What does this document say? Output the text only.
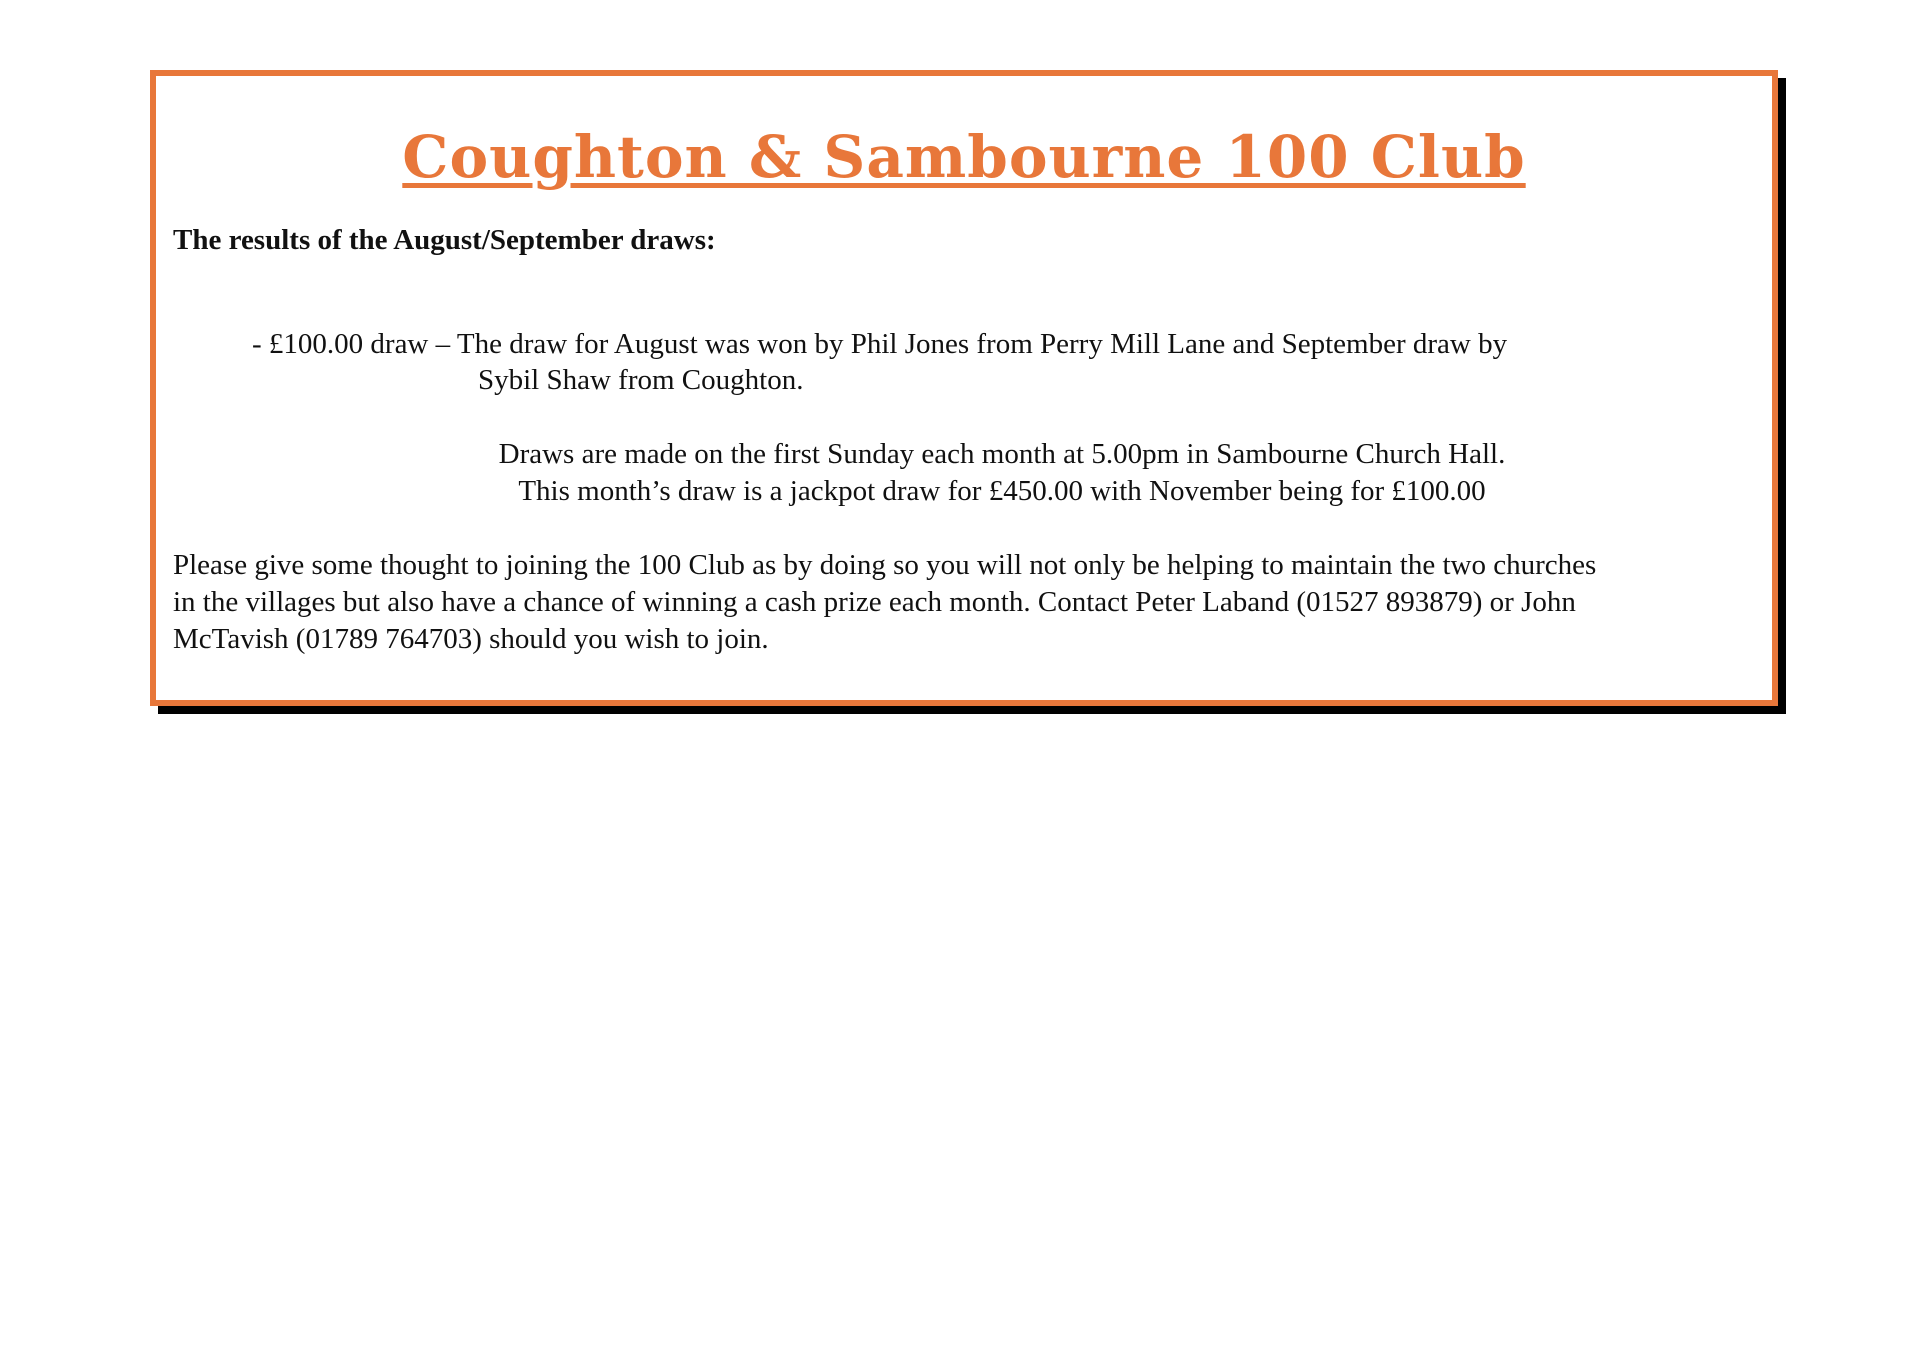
Coughton & Sambourne 100 Club

The results of the August/September draws:

- £100.00 draw – The draw for August was won by Phil Jones from Perry Mill Lane and September draw by

Sybil Shaw from Coughton.

Draws are made on the first Sunday each month at 5.00pm in Sambourne Church Hall.

This month’s draw is a jackpot draw for £450.00 with November being for £100.00

Please give some thought to joining the 100 Club as by doing so you will not only be helping to maintain the two churches

in the villages but also have a chance of winning a cash prize each month. Contact Peter Laband (01527 893879) or John

McTavish (01789 764703) should you wish to join.
